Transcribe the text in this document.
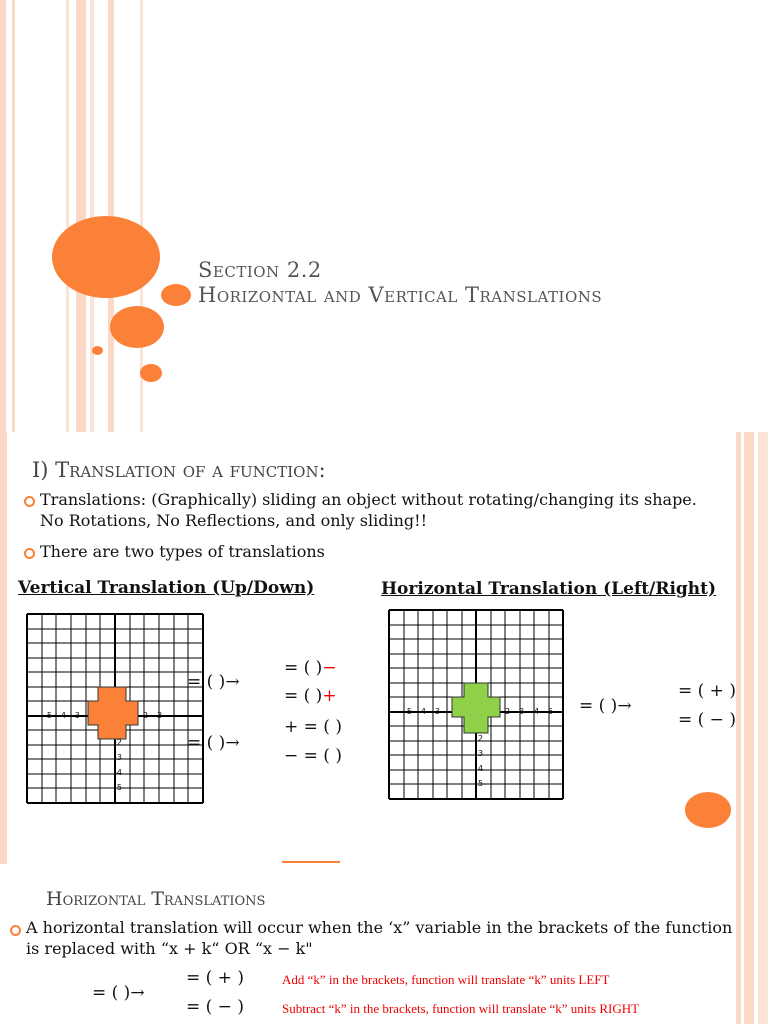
Section 2.2
Horizontal and Vertical Translations
I) Translation of a function:
Translations: (Graphically) sliding an object without rotating/changing its shape. No Rotations, No Reflections, and only sliding!!
There are two types of translations
Vertical Translation (Up/Down)	Horizontal Translation (Left/Right)
-5 -4 -3	2 3
-2
-3
-4
-5
= ( )→
= ( )→
= ( )−
= ( )+
+ = ( )
− = ( )
-5 -4 -3	2 3 4 5
2
3
4
5
= ( )→
= ( + )
= ( − )
Horizontal Translations
A horizontal translation will occur when the ‘x” variable in the brackets of the function is replaced with “x + k“ OR “x − k"
= ( )→
= ( + )
= ( − )
Add “k” in the brackets, function will translate “k” units LEFT
Subtract “k” in the brackets, function will translate “k” units RIGHT
